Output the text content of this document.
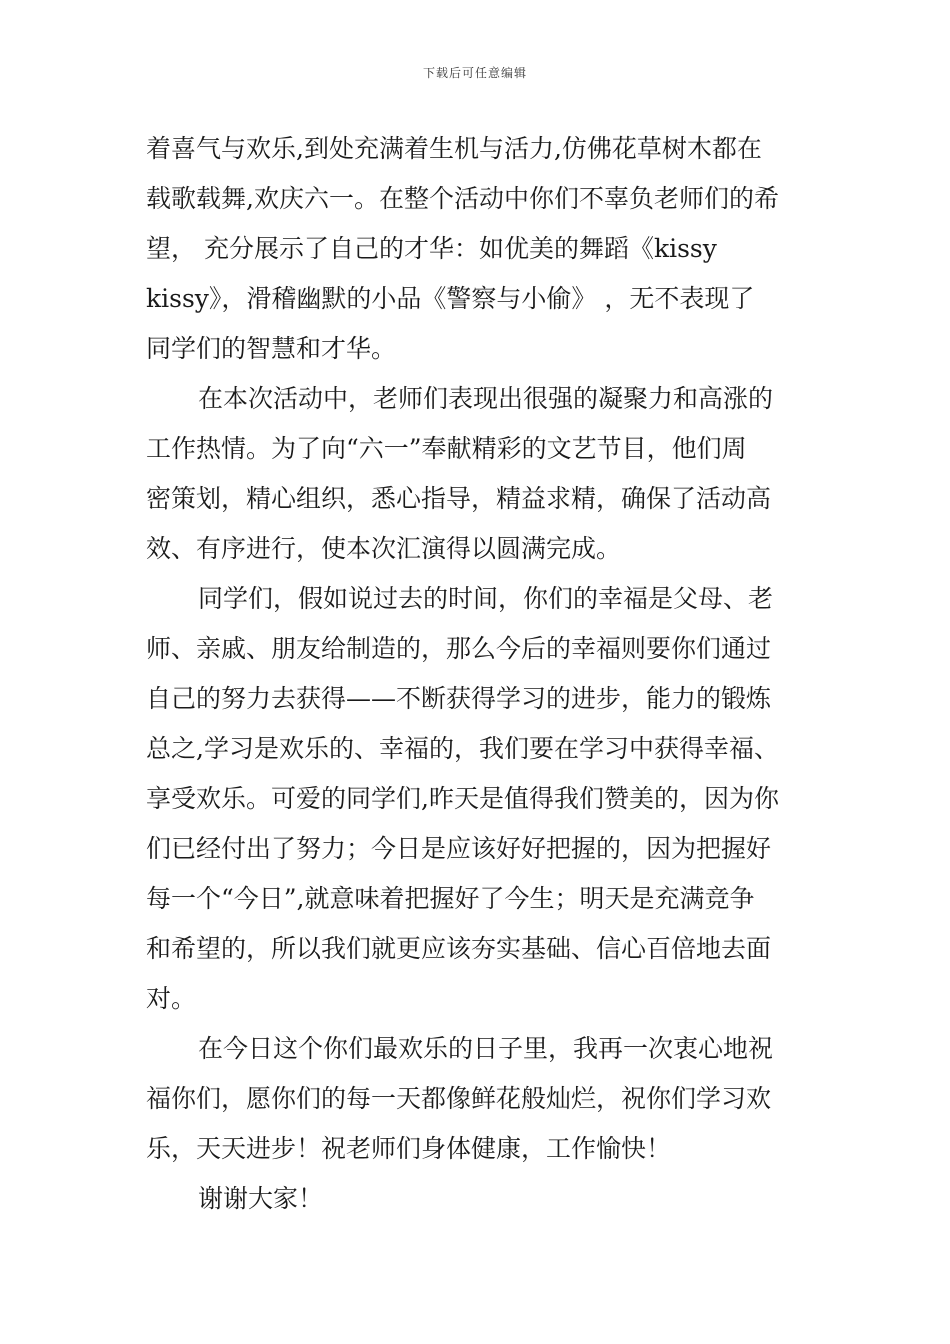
下载后可任意编辑
着喜气与欢乐,到处充满着生机与活力,仿佛花草树木都在
载歌载舞,欢庆六一。在整个活动中你们不辜负老师们的希
望， 充分展示了自己的才华：如优美的舞蹈《kissy
kissy》，滑稽幽默的小品《警察与小偷》 ，无不表现了
同学们的智慧和才华。
在本次活动中，老师们表现出很强的凝聚力和高涨的
工作热情。为了向“六一”奉献精彩的文艺节目，他们周
密策划，精心组织，悉心指导，精益求精，确保了活动高
效、有序进行，使本次汇演得以圆满完成。
同学们，假如说过去的时间，你们的幸福是父母、老
师、亲戚、朋友给制造的，那么今后的幸福则要你们通过
自己的努力去获得——不断获得学习的进步，能力的锻炼
总之,学习是欢乐的、幸福的，我们要在学习中获得幸福、
享受欢乐。可爱的同学们,昨天是值得我们赞美的，因为你
们已经付出了努力；今日是应该好好把握的，因为把握好
每一个“今日”,就意味着把握好了今生；明天是充满竞争
和希望的，所以我们就更应该夯实基础、信心百倍地去面
对。
在今日这个你们最欢乐的日子里，我再一次衷心地祝
福你们，愿你们的每一天都像鲜花般灿烂，祝你们学习欢
乐，天天进步！祝老师们身体健康，工作愉快！
谢谢大家！
